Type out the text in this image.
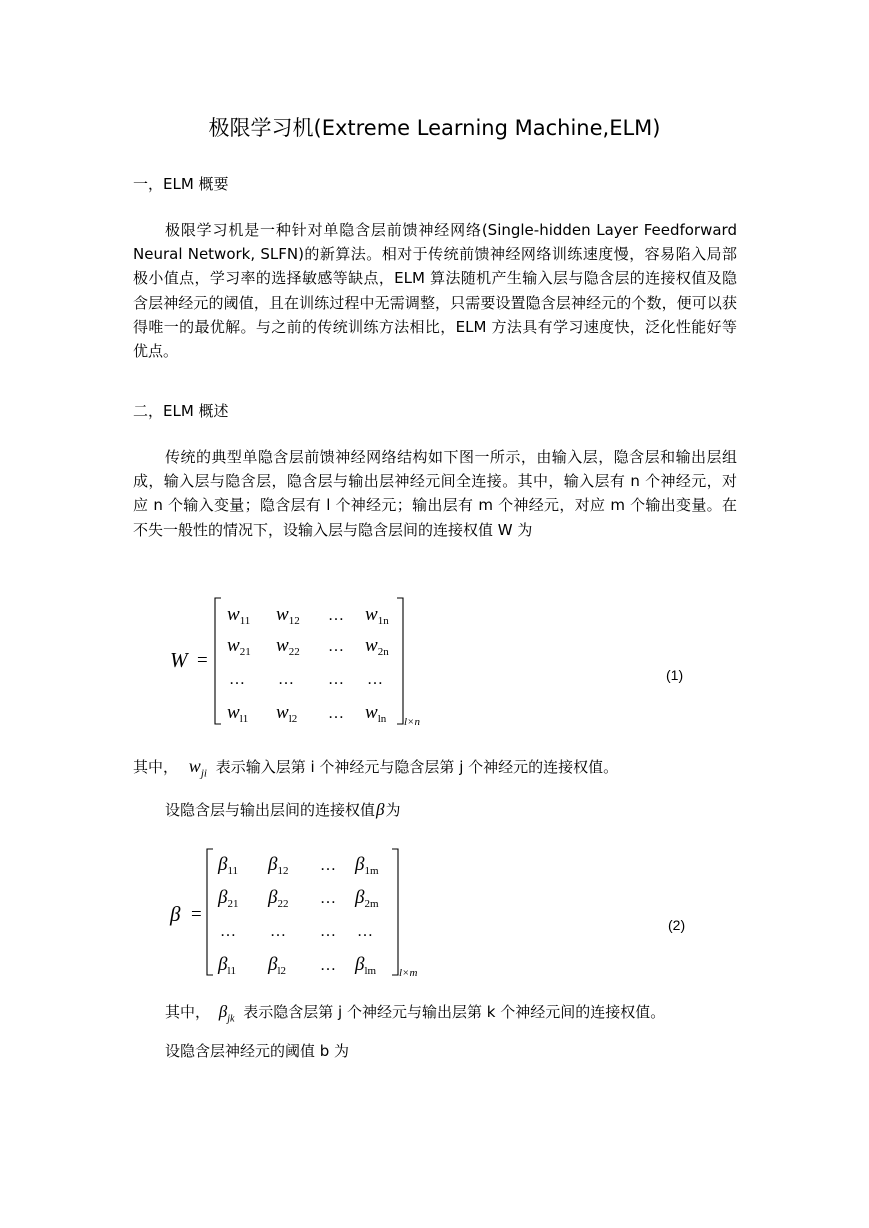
极限学习机(Extreme Learning Machine,ELM)
一，ELM 概要
极限学习机是一种针对单隐含层前馈神经网络(Single-hidden Layer Feedforward Neural Network, SLFN)的新算法。相对于传统前馈神经网络训练速度慢，容易陷入局部极小值点，学习率的选择敏感等缺点，ELM 算法随机产生输入层与隐含层的连接权值及隐含层神经元的阈值，且在训练过程中无需调整，只需要设置隐含层神经元的个数，便可以获得唯一的最优解。与之前的传统训练方法相比，ELM 方法具有学习速度快，泛化性能好等优点。
二，ELM 概述
传统的典型单隐含层前馈神经网络结构如下图一所示，由输入层，隐含层和输出层组成，输入层与隐含层，隐含层与输出层神经元间全连接。其中，输入层有 n 个神经元，对应 n 个输入变量；隐含层有 l 个神经元；输出层有 m 个神经元，对应 m 个输出变量。在不失一般性的情况下，设输入层与隐含层间的连接权值 W 为
W =
$w_{11}$ $w_{12}$ … $w_{1n}$
$w_{21}$ $w_{22}$ … $w_{2n}$
… … … …
$w_{l1}$ $w_{l2}$ … $w_{ln}$ l×n
(1)
其中， $w_{ji}$ 表示输入层第 i 个神经元与隐含层第 j 个神经元的连接权值。
设隐含层与输出层间的连接权值β为
β =
$\beta_{11}$ $\beta_{12}$ … $\beta_{1m}$
$\beta_{21}$ $\beta_{22}$ … $\beta_{2m}$
… … … …
$\beta_{l1}$ $\beta_{l2}$ … $\beta_{lm}$ l×m
(2)
其中， $\beta_{jk}$ 表示隐含层第 j 个神经元与输出层第 k 个神经元间的连接权值。
设隐含层神经元的阈值 b 为
